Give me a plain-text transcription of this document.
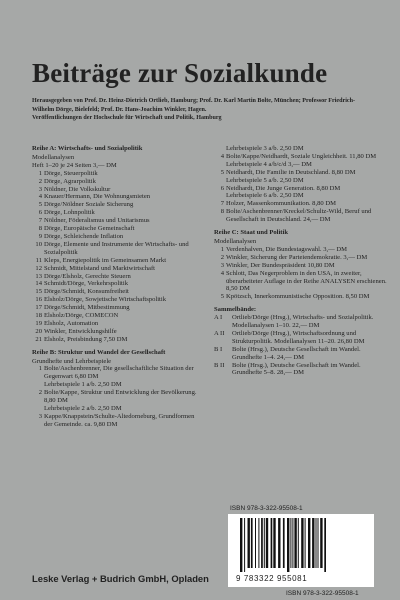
Beiträge zur Sozialkunde
Herausgegeben von Prof. Dr. Heinz-Dietrich Ortlieb, Hamburg; Prof. Dr. Karl Martin Bolte, München; Professor Friedrich-Wilhelm Dörge, Bielefeld; Prof. Dr. Hans-Joachim Winkler, Hagen.
Veröffentlichungen der Hochschule für Wirtschaft und Politik, Hamburg
Reihe A: Wirtschafts- und Sozialpolitik
Modellanalysen
Heft 1–20 je 24 Seiten 3,— DM
1 Dörge, Steuerpolitik
2 Dörge, Agrarpolitik
3 Nöldner, Die Volkskultur
4 Knauer/Hermann, Die Wohnungsmieten
5 Dörge/Nöldner Soziale Sicherung
6 Dörge, Lohnpolitik
7 Nöldner, Föderalismus und Unitarismus
8 Dörge, Europäische Gemeinschaft
9 Dörge, Schleichende Inflation
10 Dörge, Elemente und Instrumente der Wirtschafts- und Sozialpolitik
11 Kleps, Energiepolitik im Gemeinsamen Markt
12 Schmidt, Mittelstand und Marktwirtschaft
13 Dörge/Elsholz, Gerechte Steuern
14 Schmidt/Dörge, Verkehrspolitik
15 Dörge/Schmidt, Konsumfreiheit
16 Elsholz/Dörge, Sowjetische Wirtschaftspolitik
17 Dörge/Schmidt, Mitbestimmung
18 Elsholz/Dörge, COMECON
19 Elsholz, Automation
20 Winkler, Entwicklungshilfe
21 Elsholz, Preisbindung 7,50 DM
Reihe B: Struktur und Wandel der Gesellschaft
Grundhefte und Lehrbeispiele
1 Bolte/Aschenbrenner, Die gesellschaftliche Situation der Gegenwart 6,80 DM
Lehrbeispiele 1 a/b. 2,50 DM
2 Bolte/Kappe, Struktur und Entwicklung der Bevölkerung. 8,80 DM
Lehrbeispiele 2 a/b. 2,50 DM
3 Kappe/Knappstein/Schulte-Altedorneburg, Grundformen der Gemeinde. ca. 9,80 DM
Lehrbeispiele 3 a/b. 2,50 DM
4 Bolte/Kappe/Neidhardt, Soziale Ungleichheit. 11,80 DM
Lehrbeispiele 4 a/b/c/d 3,— DM
5 Neidhardt, Die Familie in Deutschland. 8,80 DM
Lehrbeispiele 5 a/b. 2,50 DM
6 Neidhardt, Die Junge Generation. 8,80 DM
Lehrbeispiele 6 a/b. 2,50 DM
7 Holzer, Massenkommunikation. 8,80 DM
8 Bolte/Aschenbrenner/Kreckel/Schultz-Wild, Beruf und Gesellschaft in Deutschland. 24,— DM
Reihe C: Staat und Politik
Modellanalysen
1 Verdenhalven, Die Bundestagswahl. 3,— DM
2 Winkler, Sicherung der Parteiendemokratie. 3,— DM
3 Winkler, Der Bundespräsident 10,80 DM
4 Schlott, Das Negerproblem in den USA, in zweiter, überarbeiteter Auflage in der Reihe ANALYSEN erschienen. 8,50 DM
5 Kpötzsch, Innerkommunistische Opposition. 8,50 DM
Sammelbände:
A I	Ortlieb/Dörge (Hrsg.), Wirtschafts- und Sozialpolitik. Modellanalysen 1–10. 22,— DM
A II	Ortlieb/Dörge (Hrsg.), Wirtschaftsordnung und Strukturpolitik. Modellanalysen 11–20. 26,80 DM
B I	Bolte (Hrsg.), Deutsche Gesellschaft im Wandel. Grundhefte 1–4. 24,— DM
B II	Bolte (Hrsg.), Deutsche Gesellschaft im Wandel. Grundhefte 5–8. 28,— DM
ISBN 978-3-322-95508-1
9 783322 955081
ISBN 978-3-322-95508-1
Leske Verlag + Budrich GmbH, Opladen
